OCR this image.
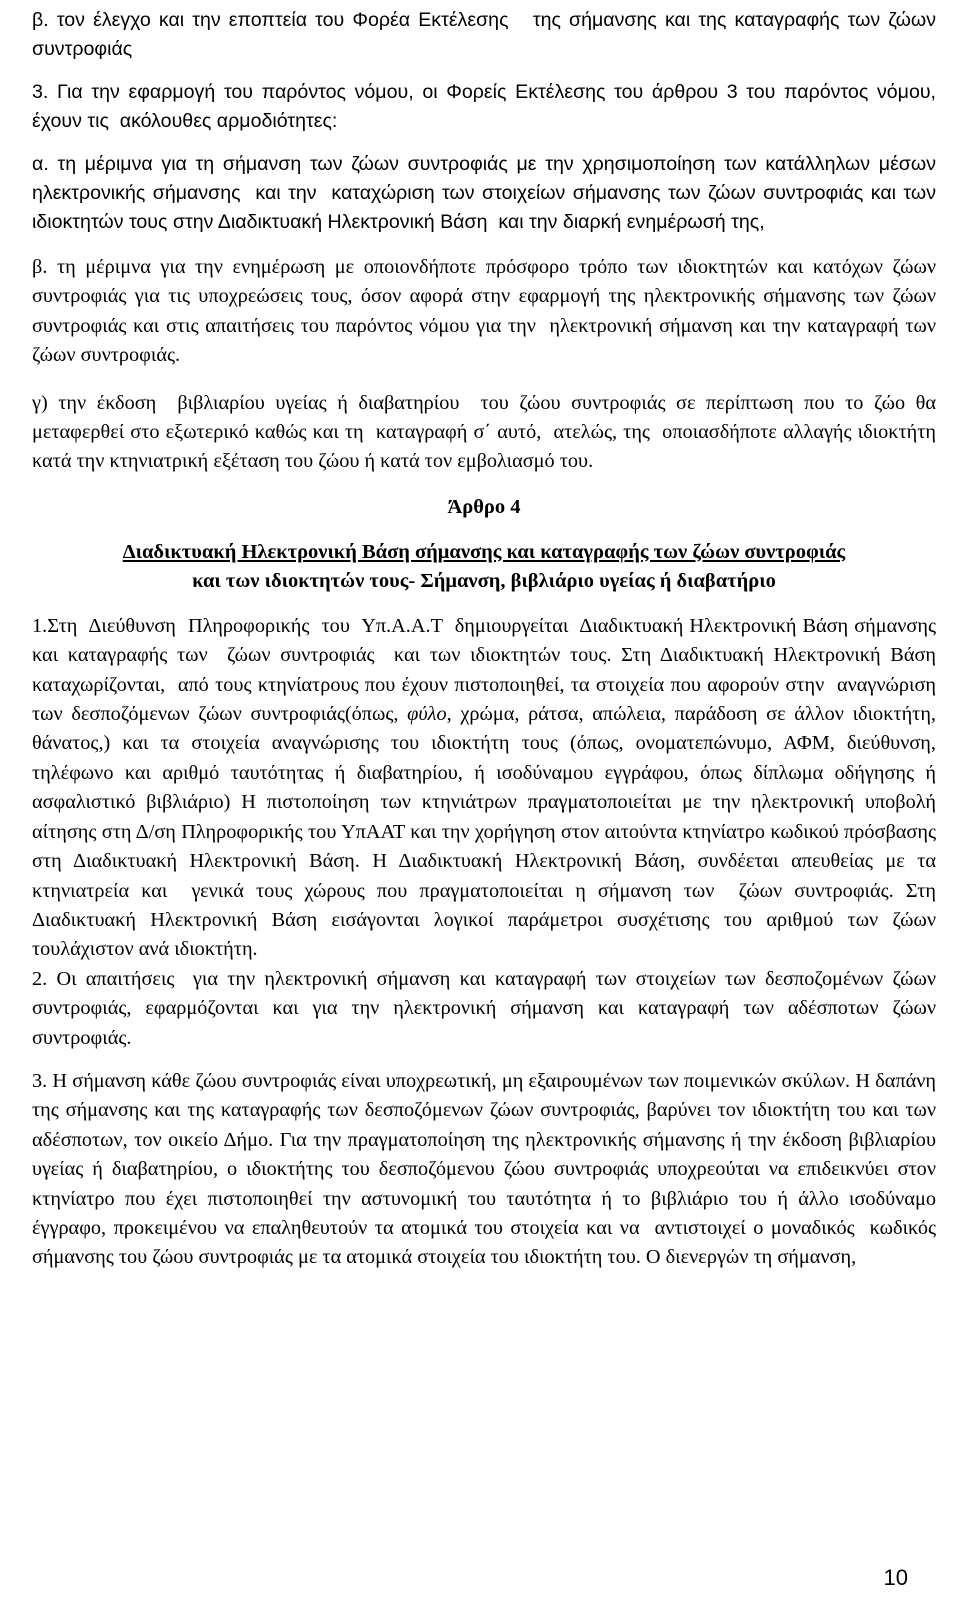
β. τον έλεγχο και την εποπτεία του Φορέα Εκτέλεσης   της σήμανσης και της καταγραφής των ζώων συντροφιάς

3. Για την εφαρμογή του παρόντος νόμου, οι Φορείς Εκτέλεσης του άρθρου 3 του παρόντος νόμου, έχουν τις  ακόλουθες αρμοδιότητες:

α. τη μέριμνα για τη σήμανση των ζώων συντροφιάς με την χρησιμοποίηση των κατάλληλων μέσων ηλεκτρονικής σήμανσης  και την  καταχώριση των στοιχείων σήμανσης των ζώων συντροφιάς και των ιδιοκτητών τους στην Διαδικτυακή Ηλεκτρονική Βάση  και την διαρκή ενημέρωσή της,

β. τη μέριμνα για την ενημέρωση με οποιονδήποτε πρόσφορο τρόπο των ιδιοκτητών και κατόχων ζώων συντροφιάς για τις υποχρεώσεις τους, όσον αφορά στην εφαρμογή της ηλεκτρονικής σήμανσης των ζώων συντροφιάς και στις απαιτήσεις του παρόντος νόμου για την  ηλεκτρονική σήμανση και την καταγραφή των ζώων συντροφιάς.

γ) την έκδοση  βιβλιαρίου υγείας ή διαβατηρίου  του ζώου συντροφιάς σε περίπτωση που το ζώο θα μεταφερθεί στο εξωτερικό καθώς και τη  καταγραφή σ΄ αυτό,  ατελώς, της  οποιασδήποτε αλλαγής ιδιοκτήτη κατά την κτηνιατρική εξέταση του ζώου ή κατά τον εμβολιασμό του.

Άρθρο 4
Διαδικτυακή Ηλεκτρονική Βάση σήμανσης και καταγραφής των ζώων συντροφιάς
και των ιδιοκτητών τους- Σήμανση, βιβλιάριο υγείας ή διαβατήριο

1.Στη  Διεύθυνση  Πληροφορικής  του  Υπ.Α.Α.Τ  δημιουργείται  Διαδικτυακή Ηλεκτρονική Βάση σήμανσης και καταγραφής των  ζώων συντροφιάς  και των ιδιοκτητών τους. Στη Διαδικτυακή Ηλεκτρονική Βάση καταχωρίζονται,  από τους κτηνίατρους που έχουν πιστοποιηθεί, τα στοιχεία που αφορούν στην  αναγνώριση των δεσποζόμενων ζώων συντροφιάς(όπως, φύλο, χρώμα, ράτσα, απώλεια, παράδοση σε άλλον ιδιοκτήτη, θάνατος,) και τα στοιχεία αναγνώρισης του ιδιοκτήτη τους (όπως, ονοματεπώνυμο, ΑΦΜ, διεύθυνση, τηλέφωνο και αριθμό ταυτότητας ή διαβατηρίου, ή ισοδύναμου εγγράφου, όπως δίπλωμα οδήγησης ή ασφαλιστικό βιβλιάριο) Η πιστοποίηση των κτηνιάτρων πραγματοποιείται με την ηλεκτρονική υποβολή αίτησης στη Δ/ση Πληροφορικής του ΥπΑΑΤ και την χορήγηση στον αιτούντα κτηνίατρο κωδικού πρόσβασης στη Διαδικτυακή Ηλεκτρονική Βάση. Η Διαδικτυακή Ηλεκτρονική Βάση, συνδέεται απευθείας με τα  κτηνιατρεία και  γενικά τους χώρους που πραγματοποιείται η σήμανση των  ζώων συντροφιάς. Στη Διαδικτυακή Ηλεκτρονική Βάση εισάγονται λογικοί παράμετροι συσχέτισης του αριθμού των ζώων τουλάχιστον ανά ιδιοκτήτη.

2. Οι απαιτήσεις  για την ηλεκτρονική σήμανση και καταγραφή των στοιχείων των δεσποζομένων ζώων συντροφιάς, εφαρμόζονται και για την ηλεκτρονική σήμανση και καταγραφή των αδέσποτων ζώων συντροφιάς.

3. Η σήμανση κάθε ζώου συντροφιάς είναι υποχρεωτική, μη εξαιρουμένων των ποιμενικών σκύλων. Η δαπάνη της σήμανσης και της καταγραφής των δεσποζόμενων ζώων συντροφιάς, βαρύνει τον ιδιοκτήτη του και των αδέσποτων, τον οικείο Δήμο. Για την πραγματοποίηση της ηλεκτρονικής σήμανσης ή την έκδοση βιβλιαρίου υγείας ή διαβατηρίου, ο ιδιοκτήτης του δεσποζόμενου ζώου συντροφιάς υποχρεούται να επιδεικνύει στον κτηνίατρο που έχει πιστοποιηθεί την αστυνομική του ταυτότητα ή το βιβλιάριο του ή άλλο ισοδύναμο έγγραφο, προκειμένου να επαληθευτούν τα ατομικά του στοιχεία και να  αντιστοιχεί ο μοναδικός  κωδικός σήμανσης του ζώου συντροφιάς με τα ατομικά στοιχεία του ιδιοκτήτη του. Ο διενεργών τη σήμανση,

10
